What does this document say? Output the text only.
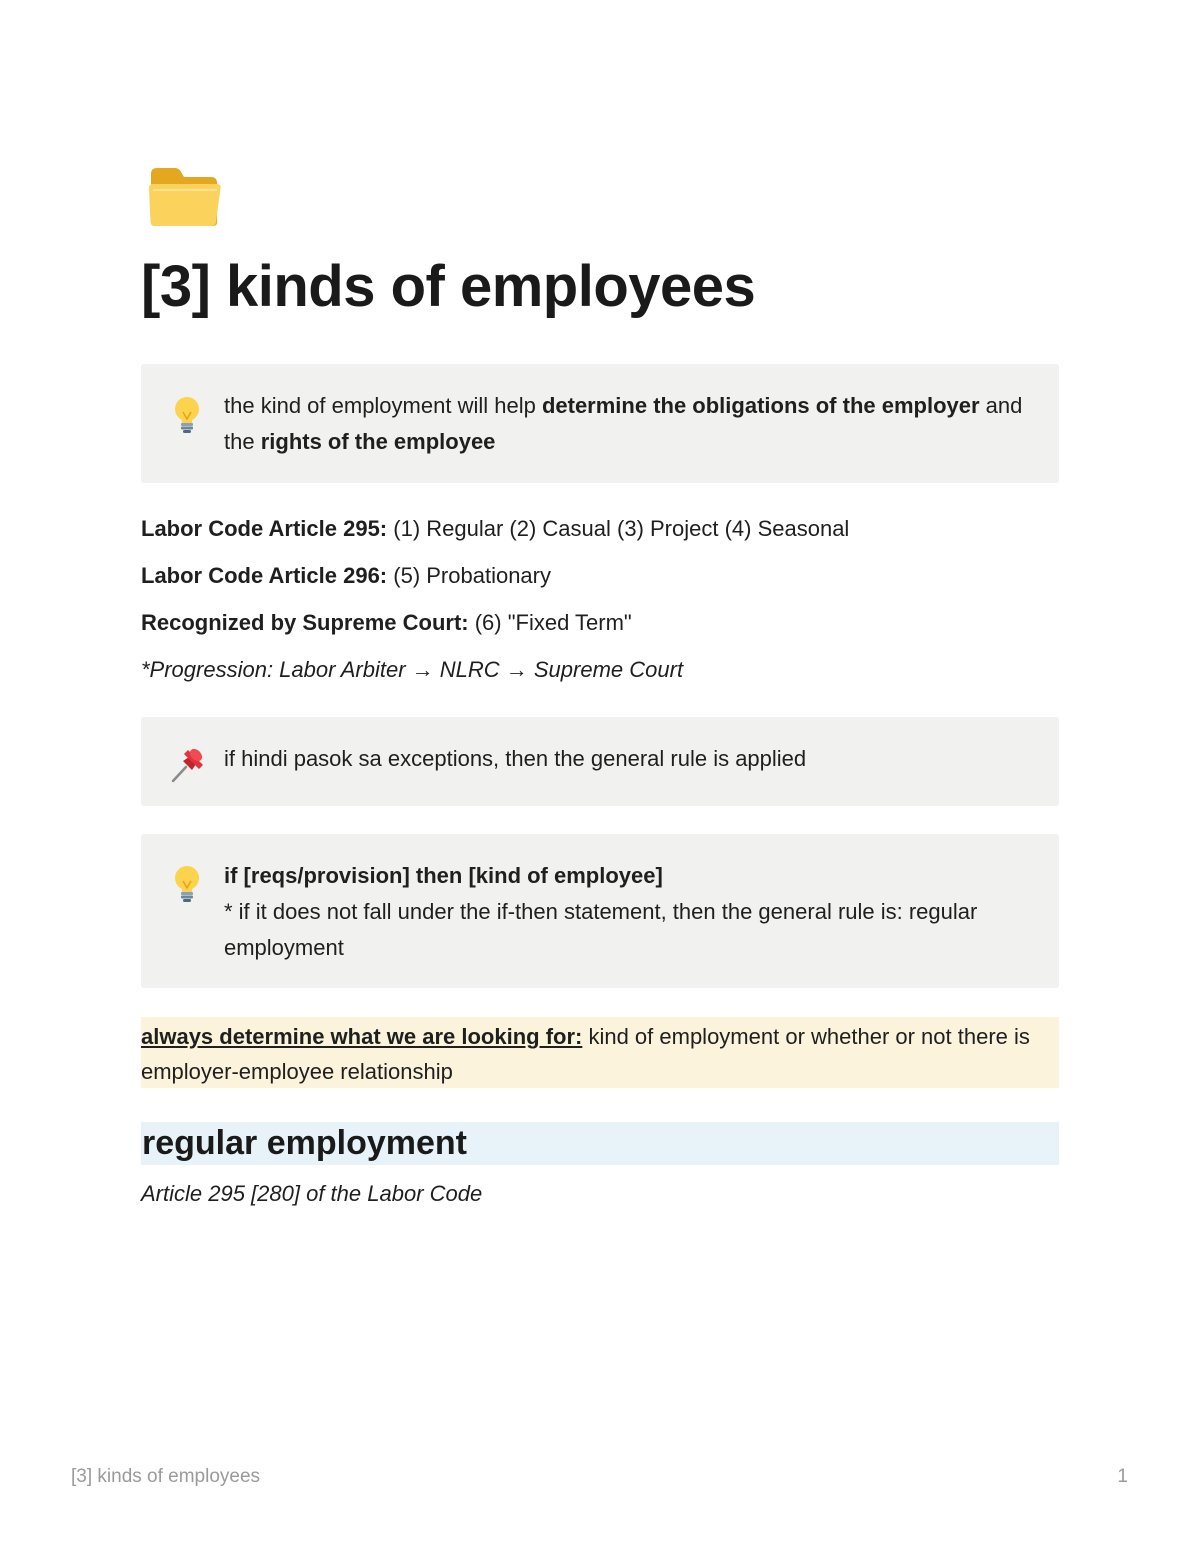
[3] kinds of employees
the kind of employment will help determine the obligations of the employer and the rights of the employee
Labor Code Article 295: (1) Regular (2) Casual (3) Project (4) Seasonal
Labor Code Article 296: (5) Probationary
Recognized by Supreme Court: (6) "Fixed Term"
*Progression: Labor Arbiter → NLRC → Supreme Court
if hindi pasok sa exceptions, then the general rule is applied
if [reqs/provision] then [kind of employee]
* if it does not fall under the if-then statement, then the general rule is: regular employment
always determine what we are looking for: kind of employment or whether or not there is employer-employee relationship
regular employment
Article 295 [280] of the Labor Code
[3] kinds of employees	1
